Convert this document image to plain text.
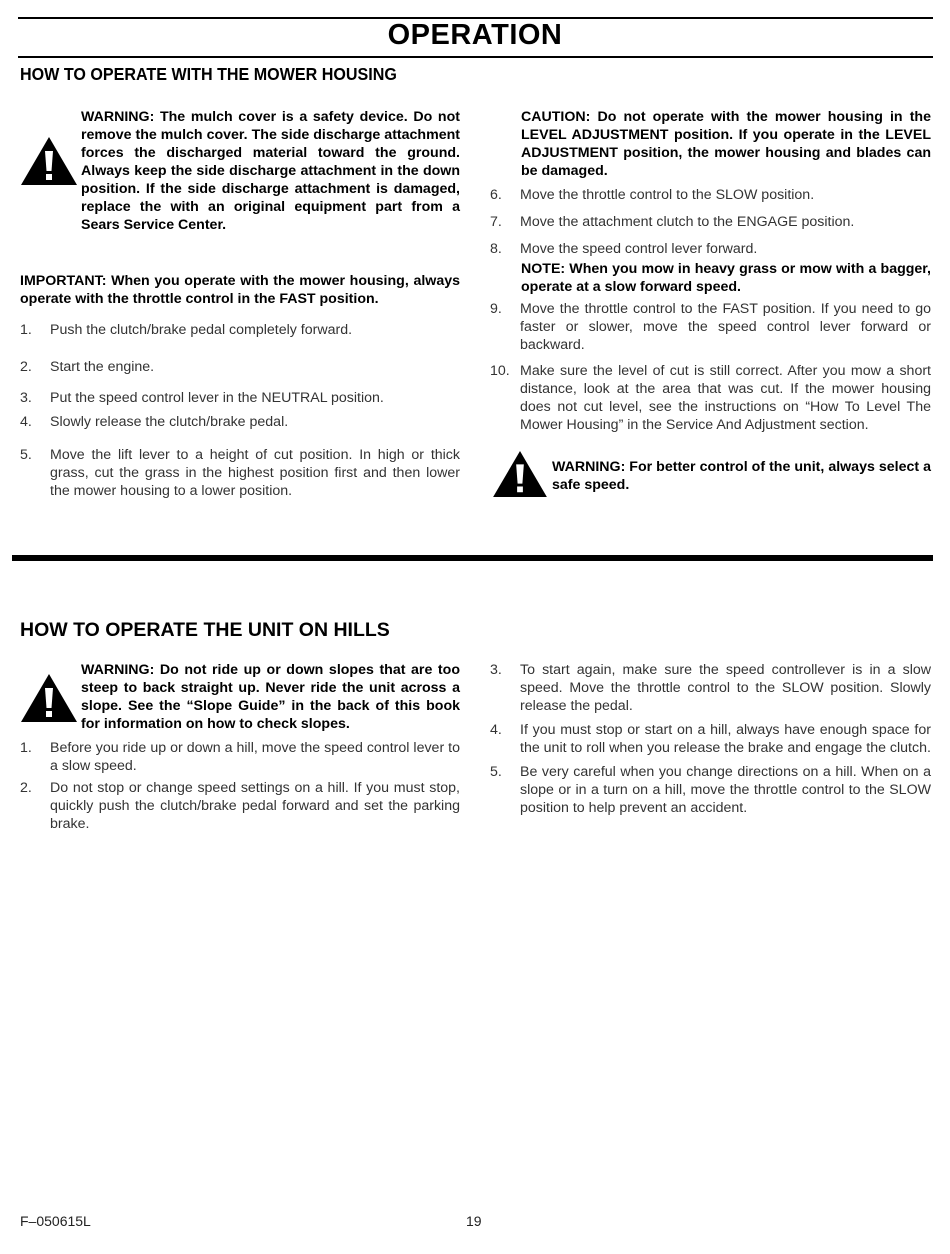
OPERATION
HOW TO OPERATE WITH THE MOWER HOUSING
WARNING: The mulch cover is a safety device. Do not remove the mulch cover. The side discharge attachment forces the discharged material toward the ground. Always keep the side discharge attachment in the down position. If the side discharge attachment is damaged, replace the with an original equipment part from a Sears Service Center.
IMPORTANT: When you operate with the mower housing, always operate with the throttle control in the FAST position.
1. Push the clutch/brake pedal completely forward.
2. Start the engine.
3. Put the speed control lever in the NEUTRAL position.
4. Slowly release the clutch/brake pedal.
5. Move the lift lever to a height of cut position. In high or thick grass, cut the grass in the highest position first and then lower the mower housing to a lower position.
CAUTION: Do not operate with the mower housing in the LEVEL ADJUSTMENT position. If you operate in the LEVEL ADJUSTMENT position, the mower housing and blades can be damaged.
6. Move the throttle control to the SLOW position.
7. Move the attachment clutch to the ENGAGE position.
8. Move the speed control lever forward.
NOTE: When you mow in heavy grass or mow with a bagger, operate at a slow forward speed.
9. Move the throttle control to the FAST position. If you need to go faster or slower, move the speed control lever forward or backward.
10. Make sure the level of cut is still correct. After you mow a short distance, look at the area that was cut. If the mower housing does not cut level, see the instructions on “How To Level The Mower Housing” in the Service And Adjustment section.
WARNING: For better control of the unit, always select a safe speed.
HOW TO OPERATE THE UNIT ON HILLS
WARNING: Do not ride up or down slopes that are too steep to back straight up. Never ride the unit across a slope. See the “Slope Guide” in the back of this book for information on how to check slopes.
1. Before you ride up or down a hill, move the speed control lever to a slow speed.
2. Do not stop or change speed settings on a hill. If you must stop, quickly push the clutch/brake pedal forward and set the parking brake.
3. To start again, make sure the speed controllever is in a slow speed. Move the throttle control to the SLOW position. Slowly release the pedal.
4. If you must stop or start on a hill, always have enough space for the unit to roll when you release the brake and engage the clutch.
5. Be very careful when you change directions on a hill. When on a slope or in a turn on a hill, move the throttle control to the SLOW position to help prevent an accident.
F–050615L	19
